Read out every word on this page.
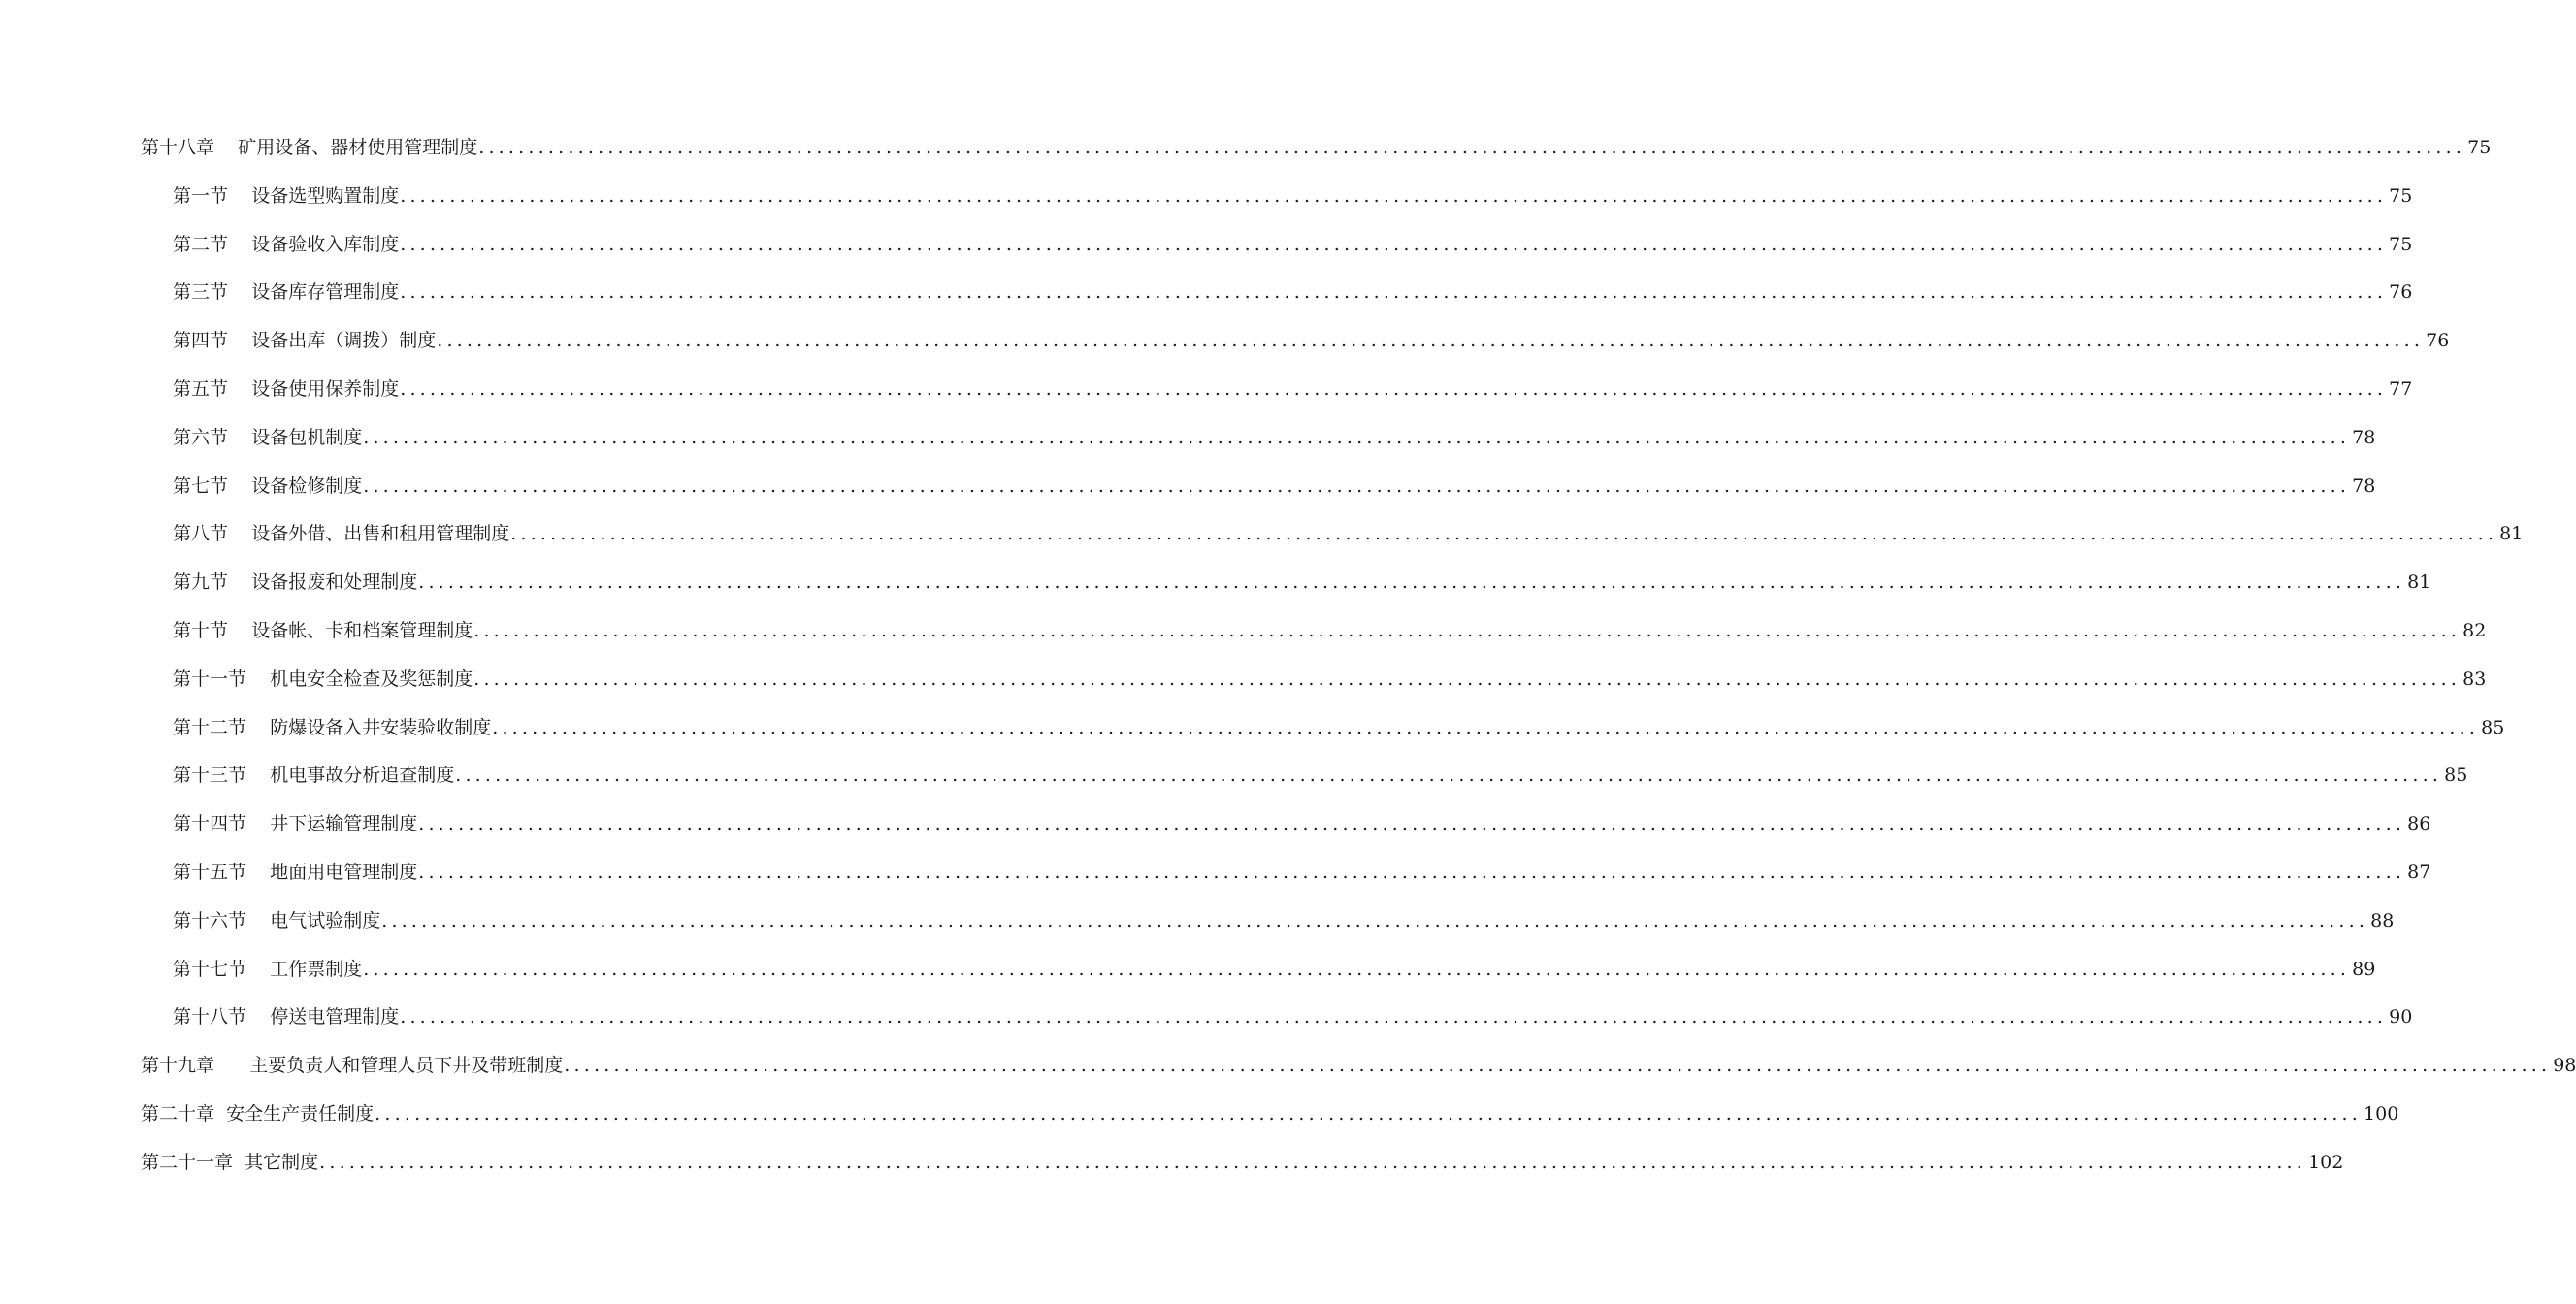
第十八章
矿用设备、器材使用管理制度 ........................................................................................................................................................................................................ 75
第一节
设备选型购置制度 ........................................................................................................................................................................................................ 75
第二节
设备验收入库制度 ........................................................................................................................................................................................................ 75
第三节
设备库存管理制度 ........................................................................................................................................................................................................ 76
第四节
设备出库（调拨）制度 ........................................................................................................................................................................................................ 76
第五节
设备使用保养制度 ........................................................................................................................................................................................................ 77
第六节
设备包机制度 ........................................................................................................................................................................................................ 78
第七节
设备检修制度 ........................................................................................................................................................................................................ 78
第八节
设备外借、出售和租用管理制度 ........................................................................................................................................................................................................ 81
第九节
设备报废和处理制度 ........................................................................................................................................................................................................ 81
第十节
设备帐、卡和档案管理制度 ........................................................................................................................................................................................................ 82
第十一节
机电安全检查及奖惩制度 ........................................................................................................................................................................................................ 83
第十二节
防爆设备入井安装验收制度 ........................................................................................................................................................................................................ 85
第十三节
机电事故分析追查制度 ........................................................................................................................................................................................................ 85
第十四节
井下运输管理制度 ........................................................................................................................................................................................................ 86
第十五节
地面用电管理制度 ........................................................................................................................................................................................................ 87
第十六节
电气试验制度 ........................................................................................................................................................................................................ 88
第十七节
工作票制度 ........................................................................................................................................................................................................ 89
第十八节
停送电管理制度 ........................................................................................................................................................................................................ 90
第十九章
主要负责人和管理人员下井及带班制度 ........................................................................................................................................................................................................ 98
第二十章
安全生产责任制度 ........................................................................................................................................................................................................ 100
第二十一章
其它制度 ........................................................................................................................................................................................................ 102
